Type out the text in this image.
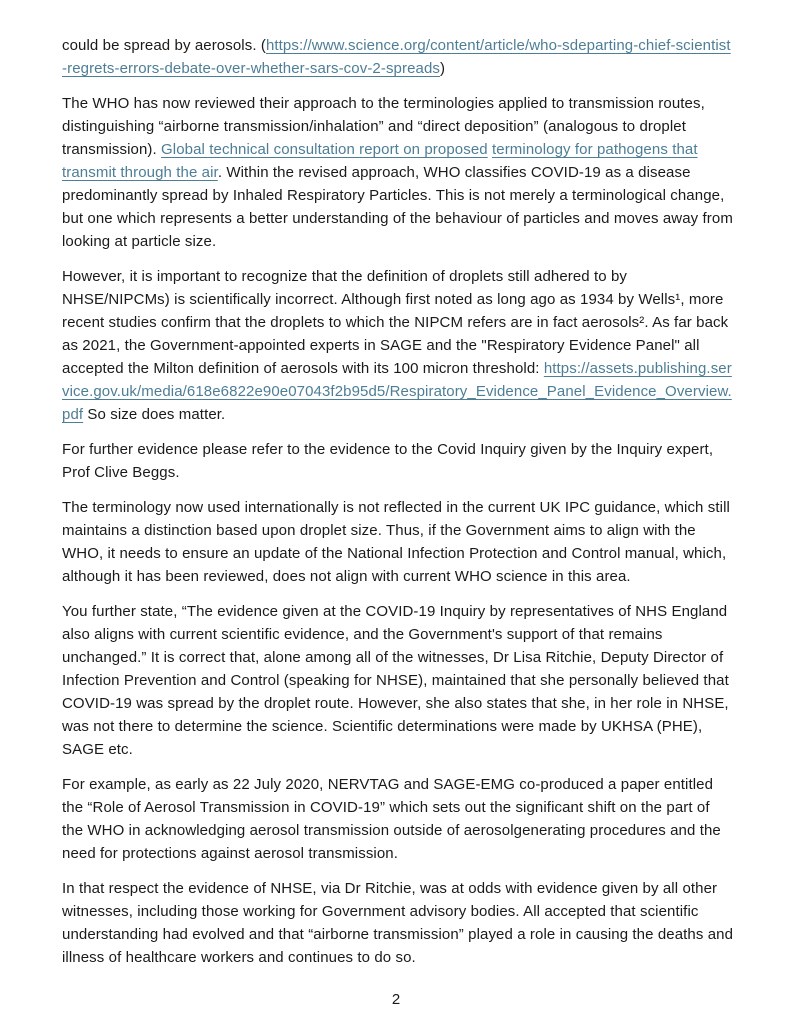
could be spread by aerosols. (https://www.science.org/content/article/who-sdeparting-chief-scientist-regrets-errors-debate-over-whether-sars-cov-2-spreads)

The WHO has now reviewed their approach to the terminologies applied to transmission routes, distinguishing “airborne transmission/inhalation” and “direct deposition” (analogous to droplet transmission). Global technical consultation report on proposed terminology for pathogens that transmit through the air. Within the revised approach, WHO classifies COVID-19 as a disease predominantly spread by Inhaled Respiratory Particles. This is not merely a terminological change, but one which represents a better understanding of the behaviour of particles and moves away from looking at particle size.

However, it is important to recognize that the definition of droplets still adhered to by NHSE/NIPCMs) is scientifically incorrect. Although first noted as long ago as 1934 by Wells¹, more recent studies confirm that the droplets to which the NIPCM refers are in fact aerosols². As far back as 2021, the Government-appointed experts in SAGE and the "Respiratory Evidence Panel" all accepted the Milton definition of aerosols with its 100 micron threshold: https://assets.publishing.service.gov.uk/media/618e6822e90e07043f2b95d5/Respiratory_Evidence_Panel_Evidence_Overview.pdf So size does matter.

For further evidence please refer to the evidence to the Covid Inquiry given by the Inquiry expert, Prof Clive Beggs.

The terminology now used internationally is not reflected in the current UK IPC guidance, which still maintains a distinction based upon droplet size. Thus, if the Government aims to align with the WHO, it needs to ensure an update of the National Infection Protection and Control manual, which, although it has been reviewed, does not align with current WHO science in this area.

You further state, “The evidence given at the COVID-19 Inquiry by representatives of NHS England also aligns with current scientific evidence, and the Government's support of that remains unchanged.” It is correct that, alone among all of the witnesses, Dr Lisa Ritchie, Deputy Director of Infection Prevention and Control (speaking for NHSE), maintained that she personally believed that COVID-19 was spread by the droplet route. However, she also states that she, in her role in NHSE, was not there to determine the science. Scientific determinations were made by UKHSA (PHE), SAGE etc.

For example, as early as 22 July 2020, NERVTAG and SAGE-EMG co-produced a paper entitled the “Role of Aerosol Transmission in COVID-19” which sets out the significant shift on the part of the WHO in acknowledging aerosol transmission outside of aerosolgenerating procedures and the need for protections against aerosol transmission.

In that respect the evidence of NHSE, via Dr Ritchie, was at odds with evidence given by all other witnesses, including those working for Government advisory bodies. All accepted that scientific understanding had evolved and that “airborne transmission” played a role in causing the deaths and illness of healthcare workers and continues to do so.

2
